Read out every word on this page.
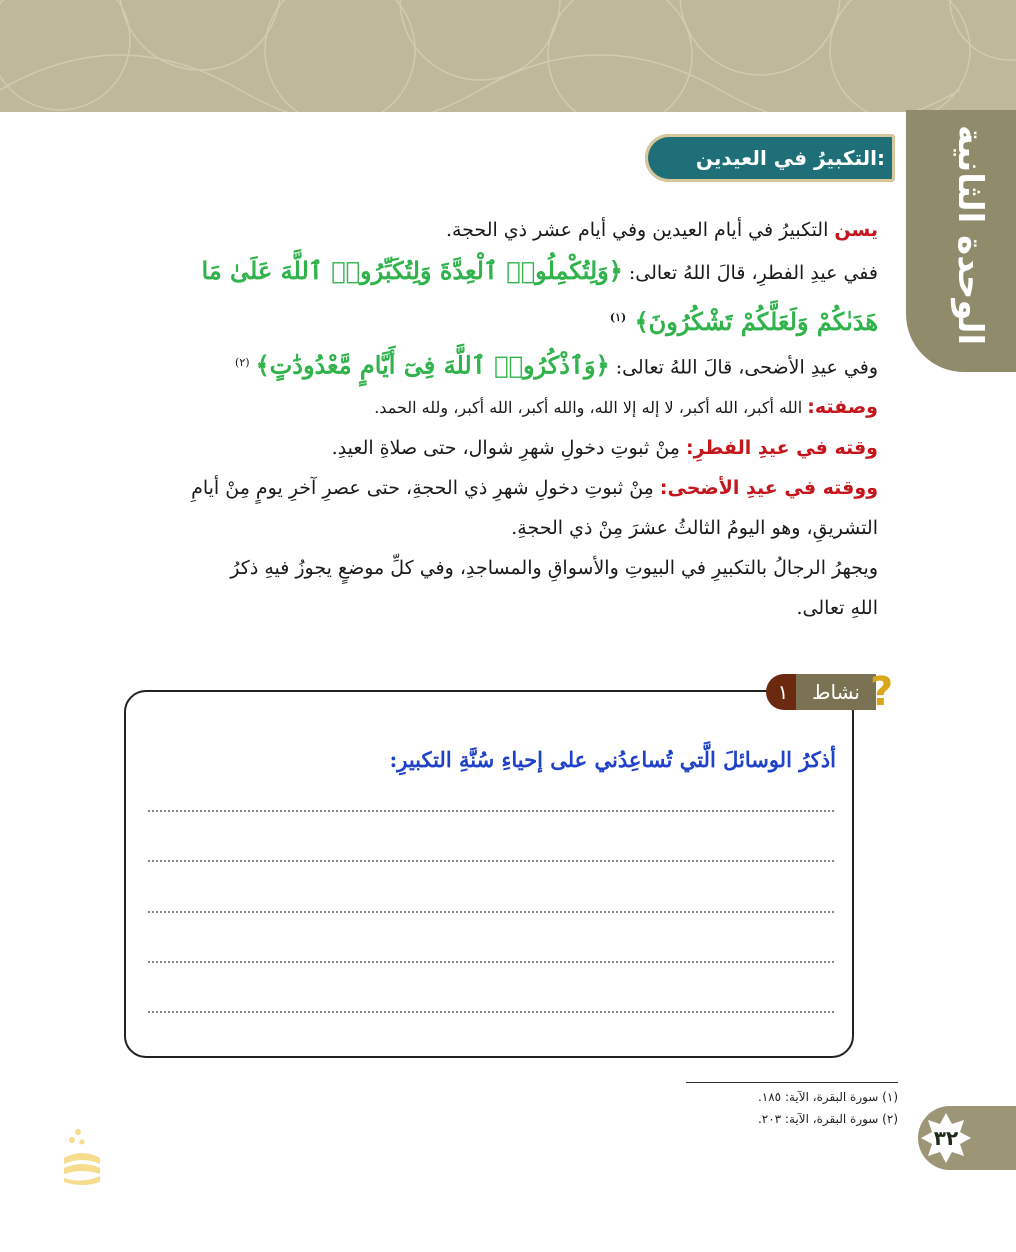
الوحدة الثانية
التكبيرُ في العيدين:
يسن التكبيرُ في أيام العيدين وفي أيام عشر ذي الحجة.
ففي عيدِ الفطرِ، قالَ اللهُ تعالى: ﴿وَلِتُكْمِلُوا۟ ٱلْعِدَّةَ وَلِتُكَبِّرُوا۟ ٱللَّهَ عَلَىٰ مَا
هَدَىٰكُمْ وَلَعَلَّكُمْ تَشْكُرُونَ﴾ $^{(١)}$
وفي عيدِ الأضحى، قالَ اللهُ تعالى: ﴿وَٱذْكُرُوا۟ ٱللَّهَ فِىٓ أَيَّامٍ مَّعْدُودَٰتٍ﴾ $^{(٢)}$
وصفته: الله أكبر، الله أكبر، لا إله إلا الله، والله أكبر، الله أكبر، ولله الحمد.
وقته في عيدِ الفطرِ: مِنْ ثبوتِ دخولِ شهرِ شوال، حتى صلاةِ العيدِ.
ووقته في عيدِ الأضحى: مِنْ ثبوتِ دخولِ شهرِ ذي الحجةِ، حتى عصرِ آخرِ يومٍ مِنْ أيامِ
التشريقِ، وهو اليومُ الثالثُ عشرَ مِنْ ذي الحجةِ.
ويجهرُ الرجالُ بالتكبيرِ في البيوتِ والأسواقِ والمساجدِ، وفي كلِّ موضعٍ يجوزُ فيهِ ذكرُ
اللهِ تعالى.
١	نشاط ?
أذكرُ الوسائلَ الَّتي تُساعِدُني على إحياءِ سُنَّةِ التكبيرِ:
(١) سورة البقرة، الآية: ١٨٥.
(٢) سورة البقرة، الآية: ٢٠٣.
٣٢
